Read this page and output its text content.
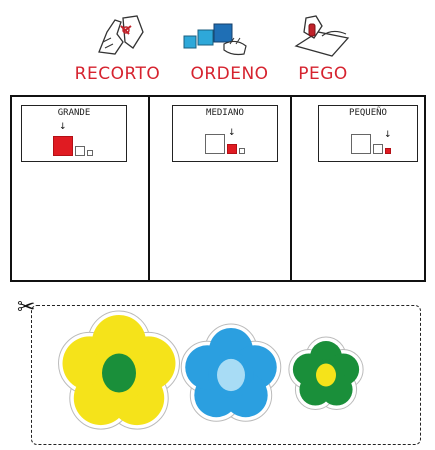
RECORTO	ORDENO	PEGO
GRANDE
↓
MEDIANO
↓
PEQUEÑO
↓
✂
